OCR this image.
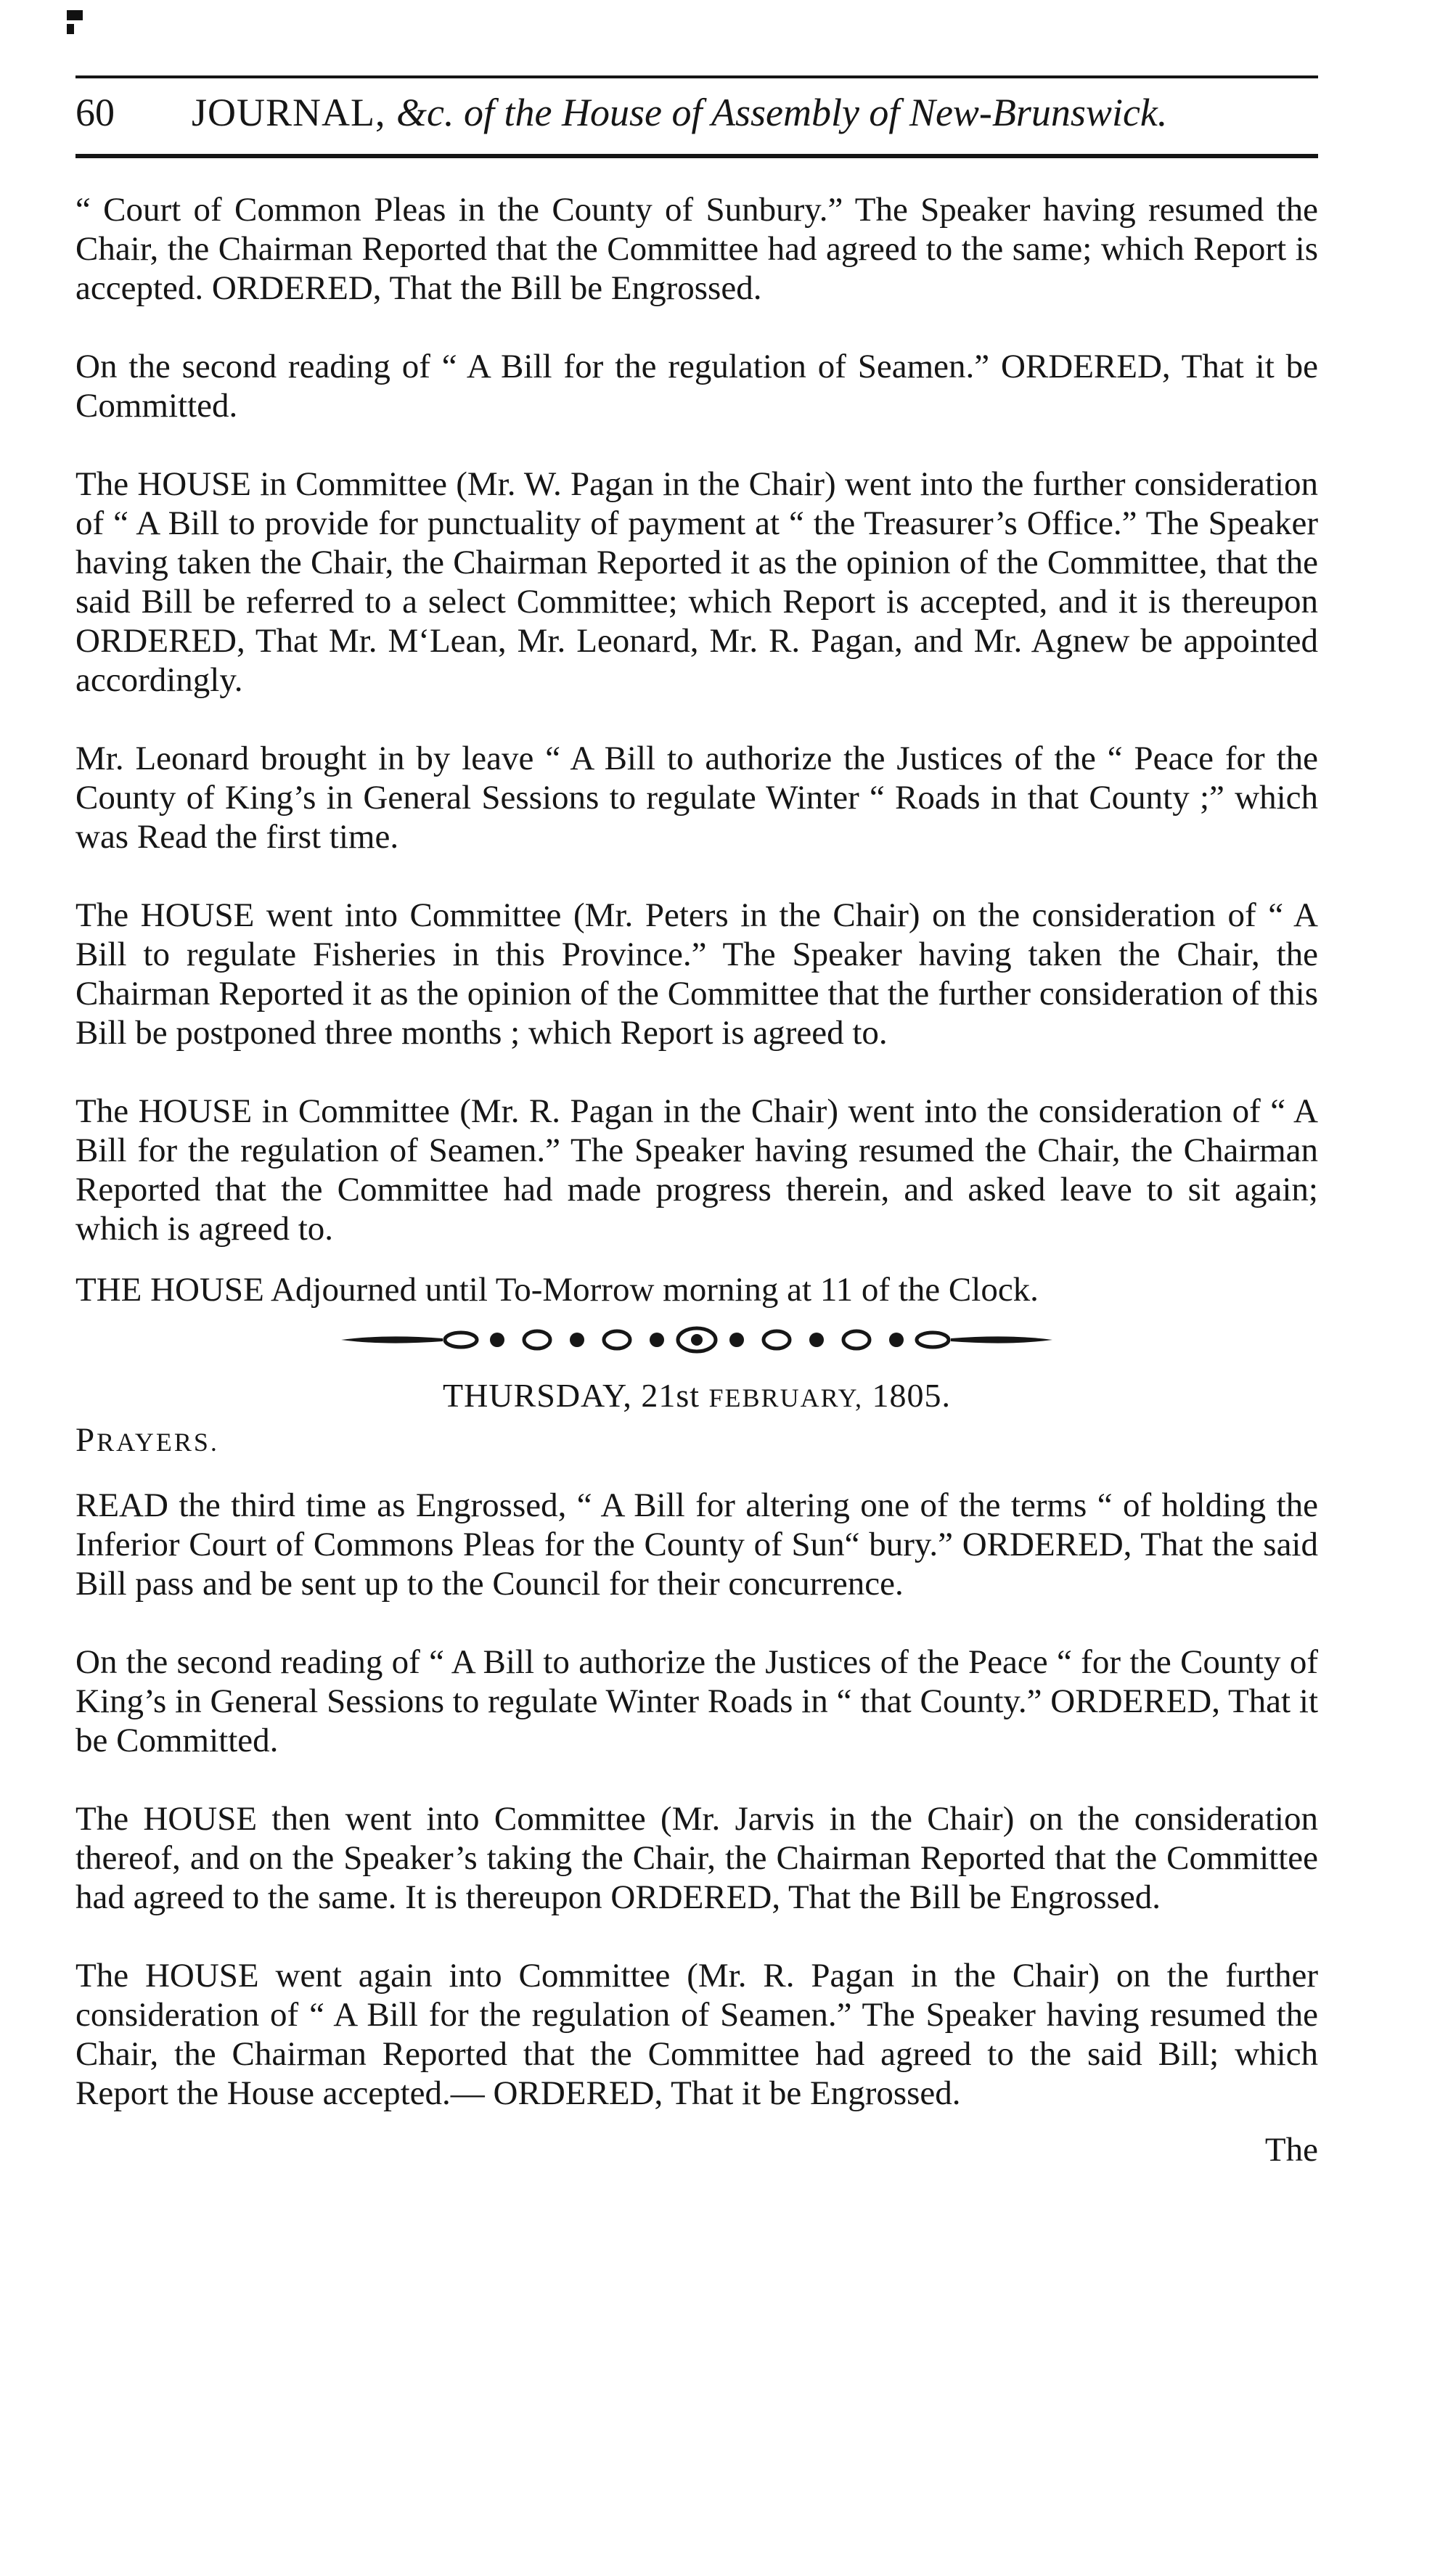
60 JOURNAL, &c. of the House of Assembly of New-Brunswick.

“ Court of Common Pleas in the County of Sunbury.” The Speaker having resumed the Chair, the Chairman Reported that the Committee had agreed to the same; which Report is accepted. ORDERED, That the Bill be Engrossed.

On the second reading of “ A Bill for the regulation of Seamen.” ORDERED, That it be Committed.

The HOUSE in Committee (Mr. W. Pagan in the Chair) went into the further consideration of “ A Bill to provide for punctuality of payment at “ the Treasurer’s Office.” The Speaker having taken the Chair, the Chairman Reported it as the opinion of the Committee, that the said Bill be referred to a select Committee; which Report is accepted, and it is thereupon ORDERED, That Mr. M‘Lean, Mr. Leonard, Mr. R. Pagan, and Mr. Agnew be appointed accordingly.

Mr. Leonard brought in by leave “ A Bill to authorize the Justices of the “ Peace for the County of King’s in General Sessions to regulate Winter “ Roads in that County ;” which was Read the first time.

The HOUSE went into Committee (Mr. Peters in the Chair) on the consideration of “ A Bill to regulate Fisheries in this Province.” The Speaker having taken the Chair, the Chairman Reported it as the opinion of the Committee that the further consideration of this Bill be postponed three months ; which Report is agreed to.

The HOUSE in Committee (Mr. R. Pagan in the Chair) went into the consideration of “ A Bill for the regulation of Seamen.” The Speaker having resumed the Chair, the Chairman Reported that the Committee had made progress therein, and asked leave to sit again; which is agreed to.

THE HOUSE Adjourned until To-Morrow morning at 11 of the Clock.

THURSDAY, 21st FEBRUARY, 1805.
PRAYERS.

READ the third time as Engrossed, “ A Bill for altering one of the terms “ of holding the Inferior Court of Commons Pleas for the County of Sun“ bury.” ORDERED, That the said Bill pass and be sent up to the Council for their concurrence.

On the second reading of “ A Bill to authorize the Justices of the Peace “ for the County of King’s in General Sessions to regulate Winter Roads in “ that County.” ORDERED, That it be Committed.

The HOUSE then went into Committee (Mr. Jarvis in the Chair) on the consideration thereof, and on the Speaker’s taking the Chair, the Chairman Reported that the Committee had agreed to the same. It is thereupon ORDERED, That the Bill be Engrossed.

The HOUSE went again into Committee (Mr. R. Pagan in the Chair) on the further consideration of “ A Bill for the regulation of Seamen.” The Speaker having resumed the Chair, the Chairman Reported that the Committee had agreed to the said Bill; which Report the House accepted.— ORDERED, That it be Engrossed.

The
